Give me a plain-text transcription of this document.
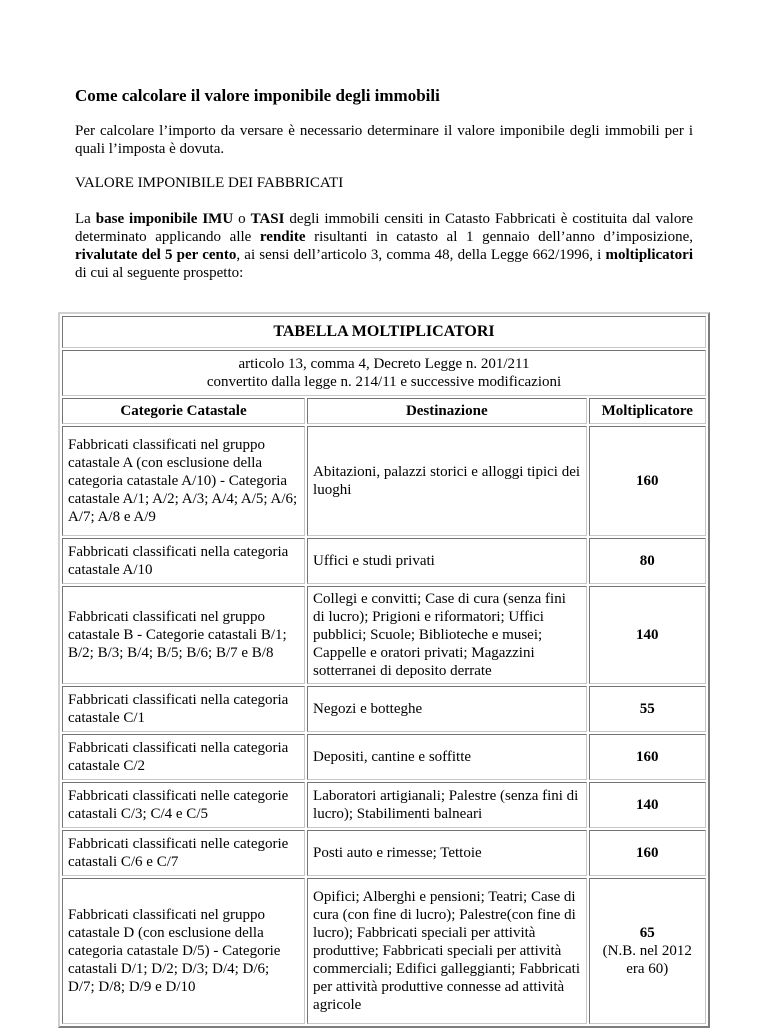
Come calcolare il valore imponibile degli immobili

Per calcolare l’importo da versare è necessario determinare il valore imponibile degli immobili per i quali l’imposta è dovuta.

VALORE IMPONIBILE DEI FABBRICATI

La base imponibile IMU o TASI degli immobili censiti in Catasto Fabbricati è costituita dal valore determinato applicando alle rendite risultanti in catasto al 1 gennaio dell’anno d’imposizione, rivalutate del 5 per cento, ai sensi dell’articolo 3, comma 48, della Legge 662/1996, i moltiplicatori di cui al seguente prospetto:

TABELLA MOLTIPLICATORI		
articolo 13, comma 4, Decreto Legge n. 201/211
convertito dalla legge n. 214/11 e successive modificazioni		
Categorie Catastale	Destinazione	Moltiplicatore
Fabbricati classificati nel gruppo catastale A (con esclusione della categoria catastale A/10) - Categoria catastale A/1; A/2; A/3; A/4; A/5; A/6; A/7; A/8 e A/9	Abitazioni, palazzi storici e alloggi tipici dei luoghi	160

Fabbricati classificati nella categoria catastale A/10	Uffici e studi privati	80

Fabbricati classificati nel gruppo catastale B - Categorie catastali B/1; B/2; B/3; B/4; B/5; B/6; B/7 e B/8	Collegi e convitti; Case di cura (senza fini di lucro); Prigioni e riformatori; Uffici pubblici; Scuole; Biblioteche e musei; Cappelle e oratori privati; Magazzini sotterranei di deposito derrate	140

Fabbricati classificati nella categoria catastale C/1	Negozi e botteghe	55

Fabbricati classificati nella categoria catastale C/2	Depositi, cantine e soffitte	160

Fabbricati classificati nelle categorie catastali C/3; C/4 e C/5	Laboratori artigianali; Palestre (senza fini di lucro); Stabilimenti balneari	140

Fabbricati classificati nelle categorie catastali C/6 e C/7	Posti auto e rimesse; Tettoie	160

Fabbricati classificati nel gruppo catastale D (con esclusione della categoria catastale D/5) - Categorie catastali D/1; D/2; D/3; D/4; D/6; D/7; D/8; D/9 e D/10	Opifici; Alberghi e pensioni; Teatri; Case di cura (con fine di lucro); Palestre(con fine di lucro); Fabbricati speciali per attività produttive; Fabbricati speciali per attività commerciali; Edifici galleggianti; Fabbricati per attività produttive connesse ad attività agricole	65
(N.B. nel 2012 era 60)
